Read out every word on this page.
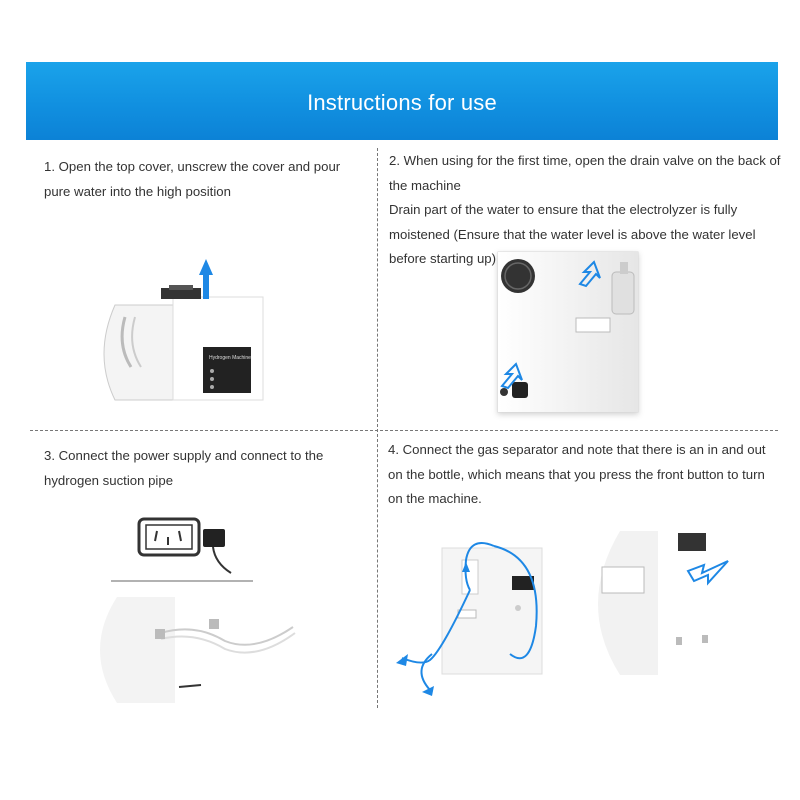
Instructions for use

1. Open the top cover, unscrew the cover and pour pure water into the high position

Hydrogen Machine

2. When using for the first time, open the drain valve on the back of the machine

Drain part of the water to ensure that the electrolyzer is fully moistened (Ensure that the water level is above the water level before starting up)

3. Connect the power supply and connect to the hydrogen suction pipe

4. Connect the gas separator and note that there is an in and out on the bottle, which means that you press the front button to turn on the machine.
